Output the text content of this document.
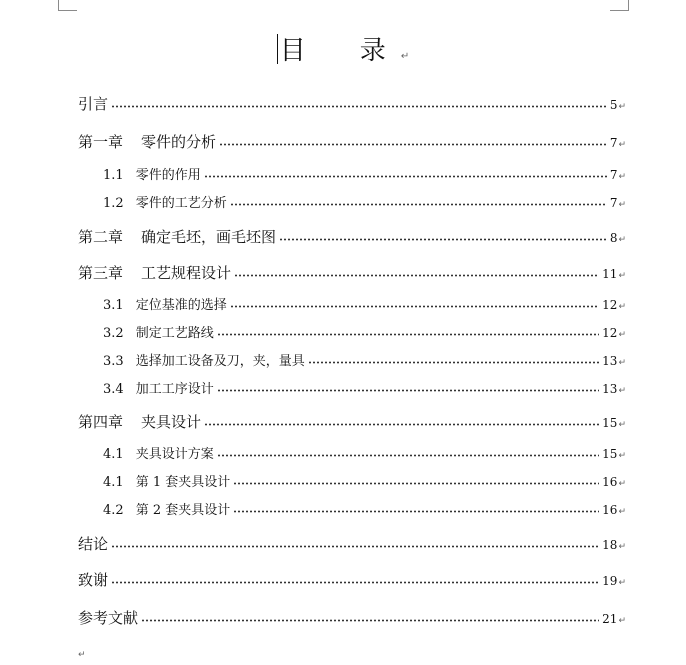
目　录↵
引言	5 ↵
第一章 零件的分析	7 ↵
1.1 零件的作用	7 ↵
1.2 零件的工艺分析	7 ↵
第二章 确定毛坯，画毛坯图	8 ↵
第三章 工艺规程设计	11 ↵
3.1 定位基准的选择	12 ↵
3.2 制定工艺路线	12 ↵
3.3 选择加工设备及刀，夹，量具	13 ↵
3.4 加工工序设计	13 ↵
第四章 夹具设计	15 ↵
4.1 夹具设计方案	15 ↵
4.1 第 1 套夹具设计	16 ↵
4.2 第 2 套夹具设计	16 ↵
结论	18 ↵
致谢	19 ↵
参考文献	21 ↵
↵
